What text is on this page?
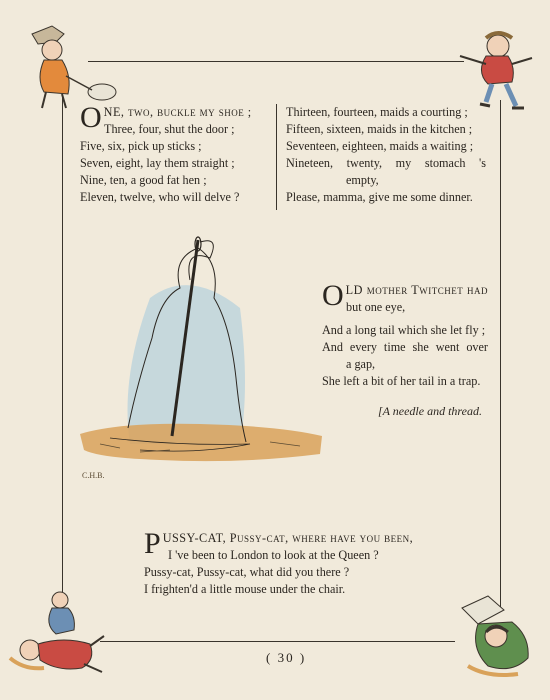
ONE, two, buckle my shoe ;
Three, four, shut the door ;
Five, six, pick up sticks ;
Seven, eight, lay them straight ;
Nine, ten, a good fat hen ;
Eleven, twelve, who will delve ?
Thirteen, fourteen, maids a courting ;
Fifteen, sixteen, maids in the kitchen ;
Seventeen, eighteen, maids a waiting ;
Nineteen, twenty, my stomach 's
empty,
Please, mamma, give me some dinner.
C.H.B.
OLD mother Twitchet had
but one eye,
And a long tail which she let fly ;
And every time she went over
a gap,
She left a bit of her tail in a trap.
[A needle and thread.
PUSSY-CAT, Pussy-cat, where have you been,
I 've been to London to look at the Queen ?
Pussy-cat, Pussy-cat, what did you there ?
I frighten'd a little mouse under the chair.
( 30 )
